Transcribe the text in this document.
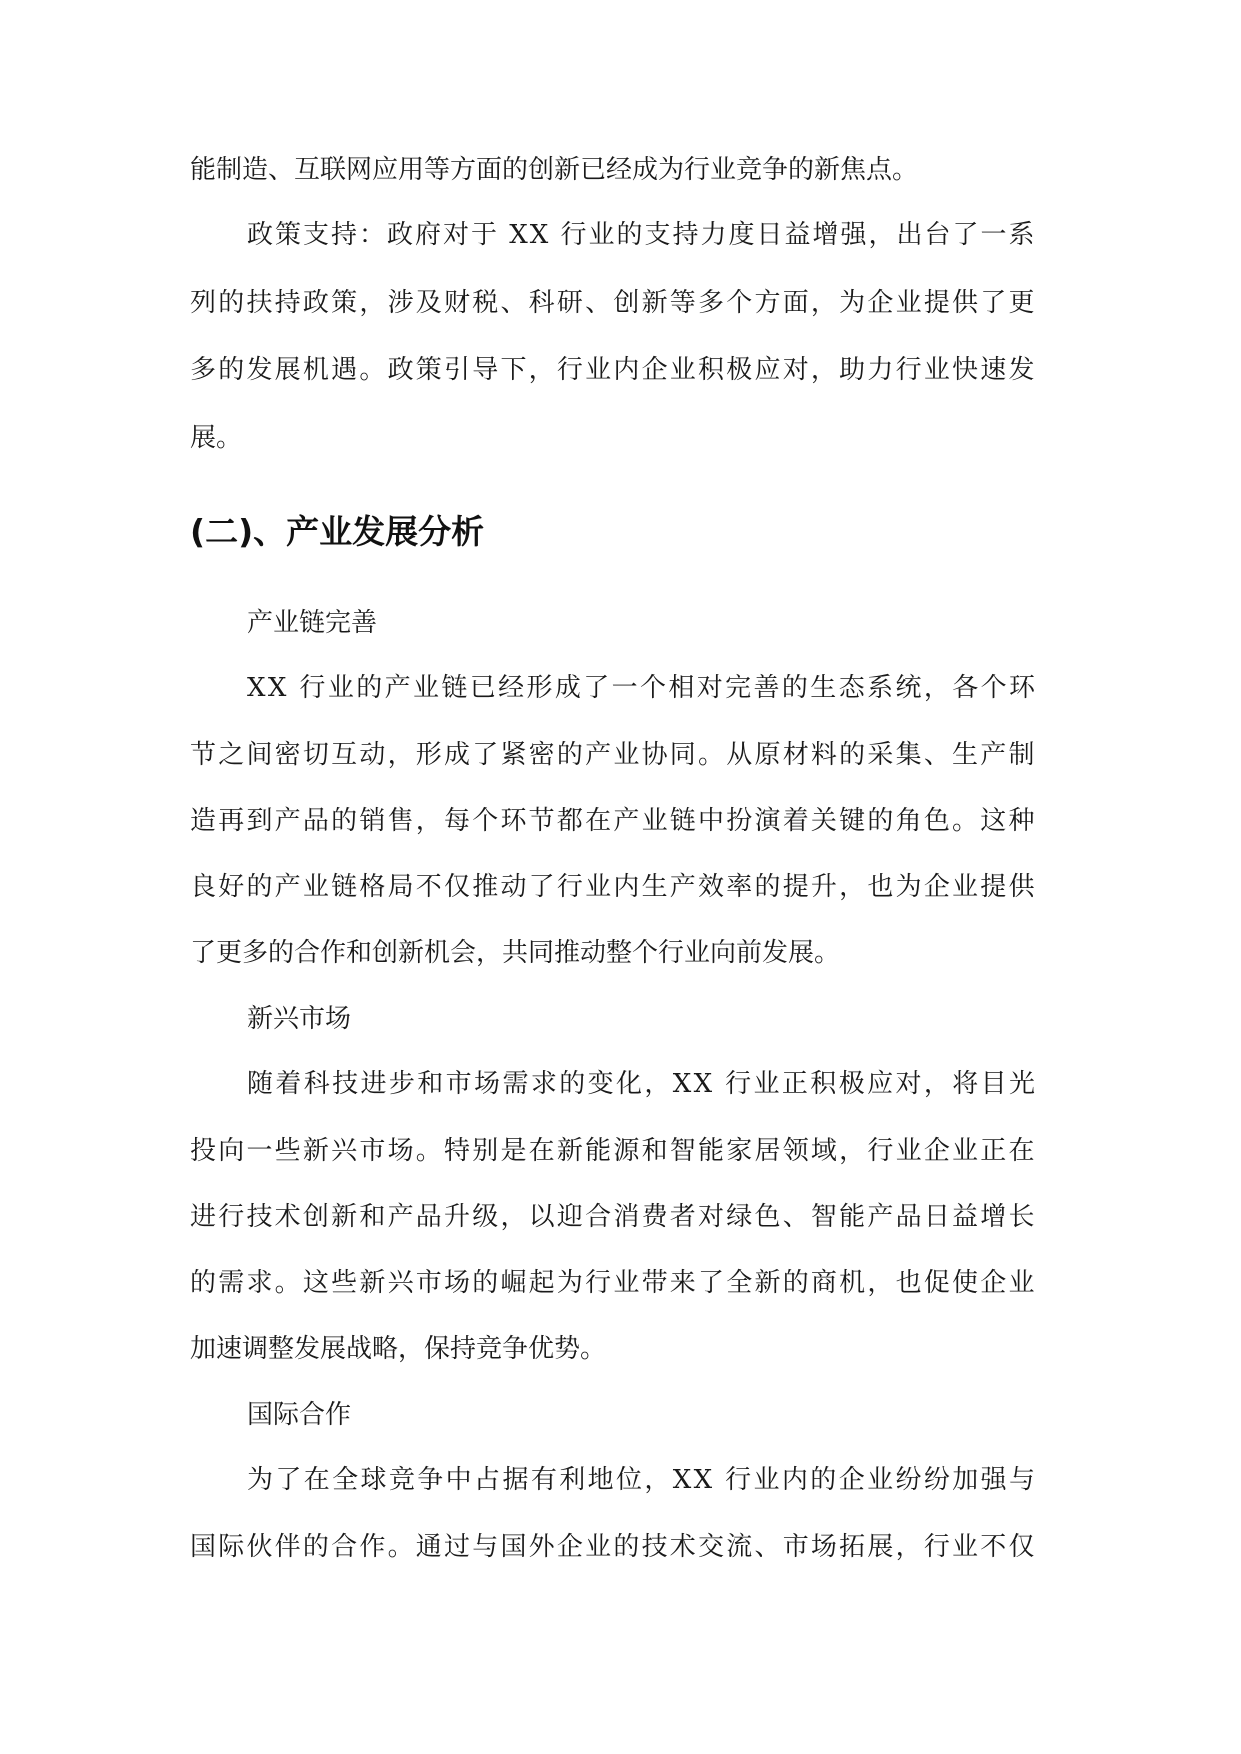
能制造、互联网应用等方面的创新已经成为行业竞争的新焦点。

政策支持：政府对于 XX 行业的支持力度日益增强，出台了一系

列的扶持政策，涉及财税、科研、创新等多个方面，为企业提供了更

多的发展机遇。政策引导下，行业内企业积极应对，助力行业快速发

展。

(二)、产业发展分析

产业链完善

XX 行业的产业链已经形成了一个相对完善的生态系统，各个环

节之间密切互动，形成了紧密的产业协同。从原材料的采集、生产制

造再到产品的销售，每个环节都在产业链中扮演着关键的角色。这种

良好的产业链格局不仅推动了行业内生产效率的提升，也为企业提供

了更多的合作和创新机会，共同推动整个行业向前发展。

新兴市场

随着科技进步和市场需求的变化，XX 行业正积极应对，将目光

投向一些新兴市场。特别是在新能源和智能家居领域，行业企业正在

进行技术创新和产品升级，以迎合消费者对绿色、智能产品日益增长

的需求。这些新兴市场的崛起为行业带来了全新的商机，也促使企业

加速调整发展战略，保持竞争优势。

国际合作

为了在全球竞争中占据有利地位，XX 行业内的企业纷纷加强与

国际伙伴的合作。通过与国外企业的技术交流、市场拓展，行业不仅
